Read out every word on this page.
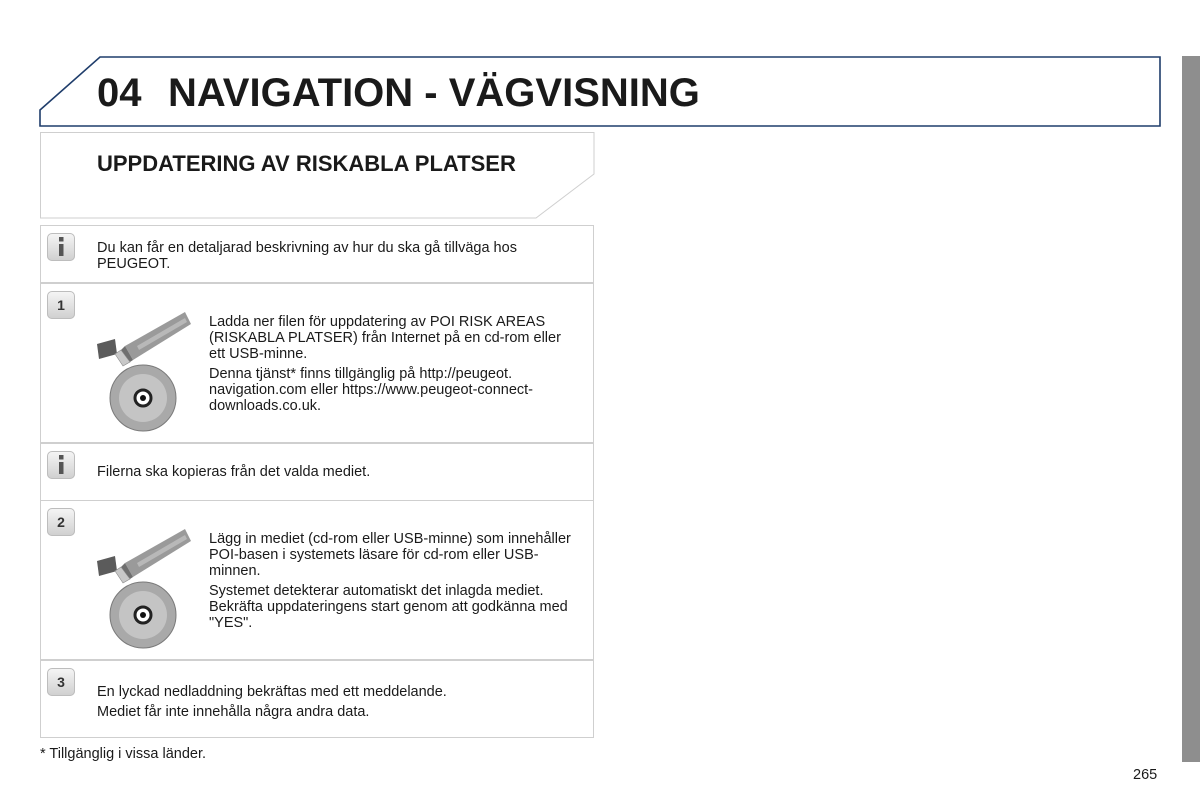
04 NAVIGATION - VÄGVISNING
UPPDATERING AV RISKABLA PLATSER

Du kan får en detaljarad beskrivning av hur du ska gå tillväga hos PEUGEOT.

1

Ladda ner filen för uppdatering av POI RISK AREAS (RISKABLA PLATSER) från Internet på en cd-rom eller ett USB-minne.

Denna tjänst* finns tillgänglig på http://peugeot. navigation.com eller https://www.peugeot-connect-downloads.co.uk.

Filerna ska kopieras från det valda mediet.

2

Lägg in mediet (cd-rom eller USB-minne) som innehåller POI-basen i systemets läsare för cd-rom eller USB-minnen.

Systemet detekterar automatiskt det inlagda mediet. Bekräfta uppdateringens start genom att godkänna med "YES".

3
En lyckad nedladdning bekräftas med ett meddelande.
Mediet får inte innehålla några andra data.
* Tillgänglig i vissa länder.
265
